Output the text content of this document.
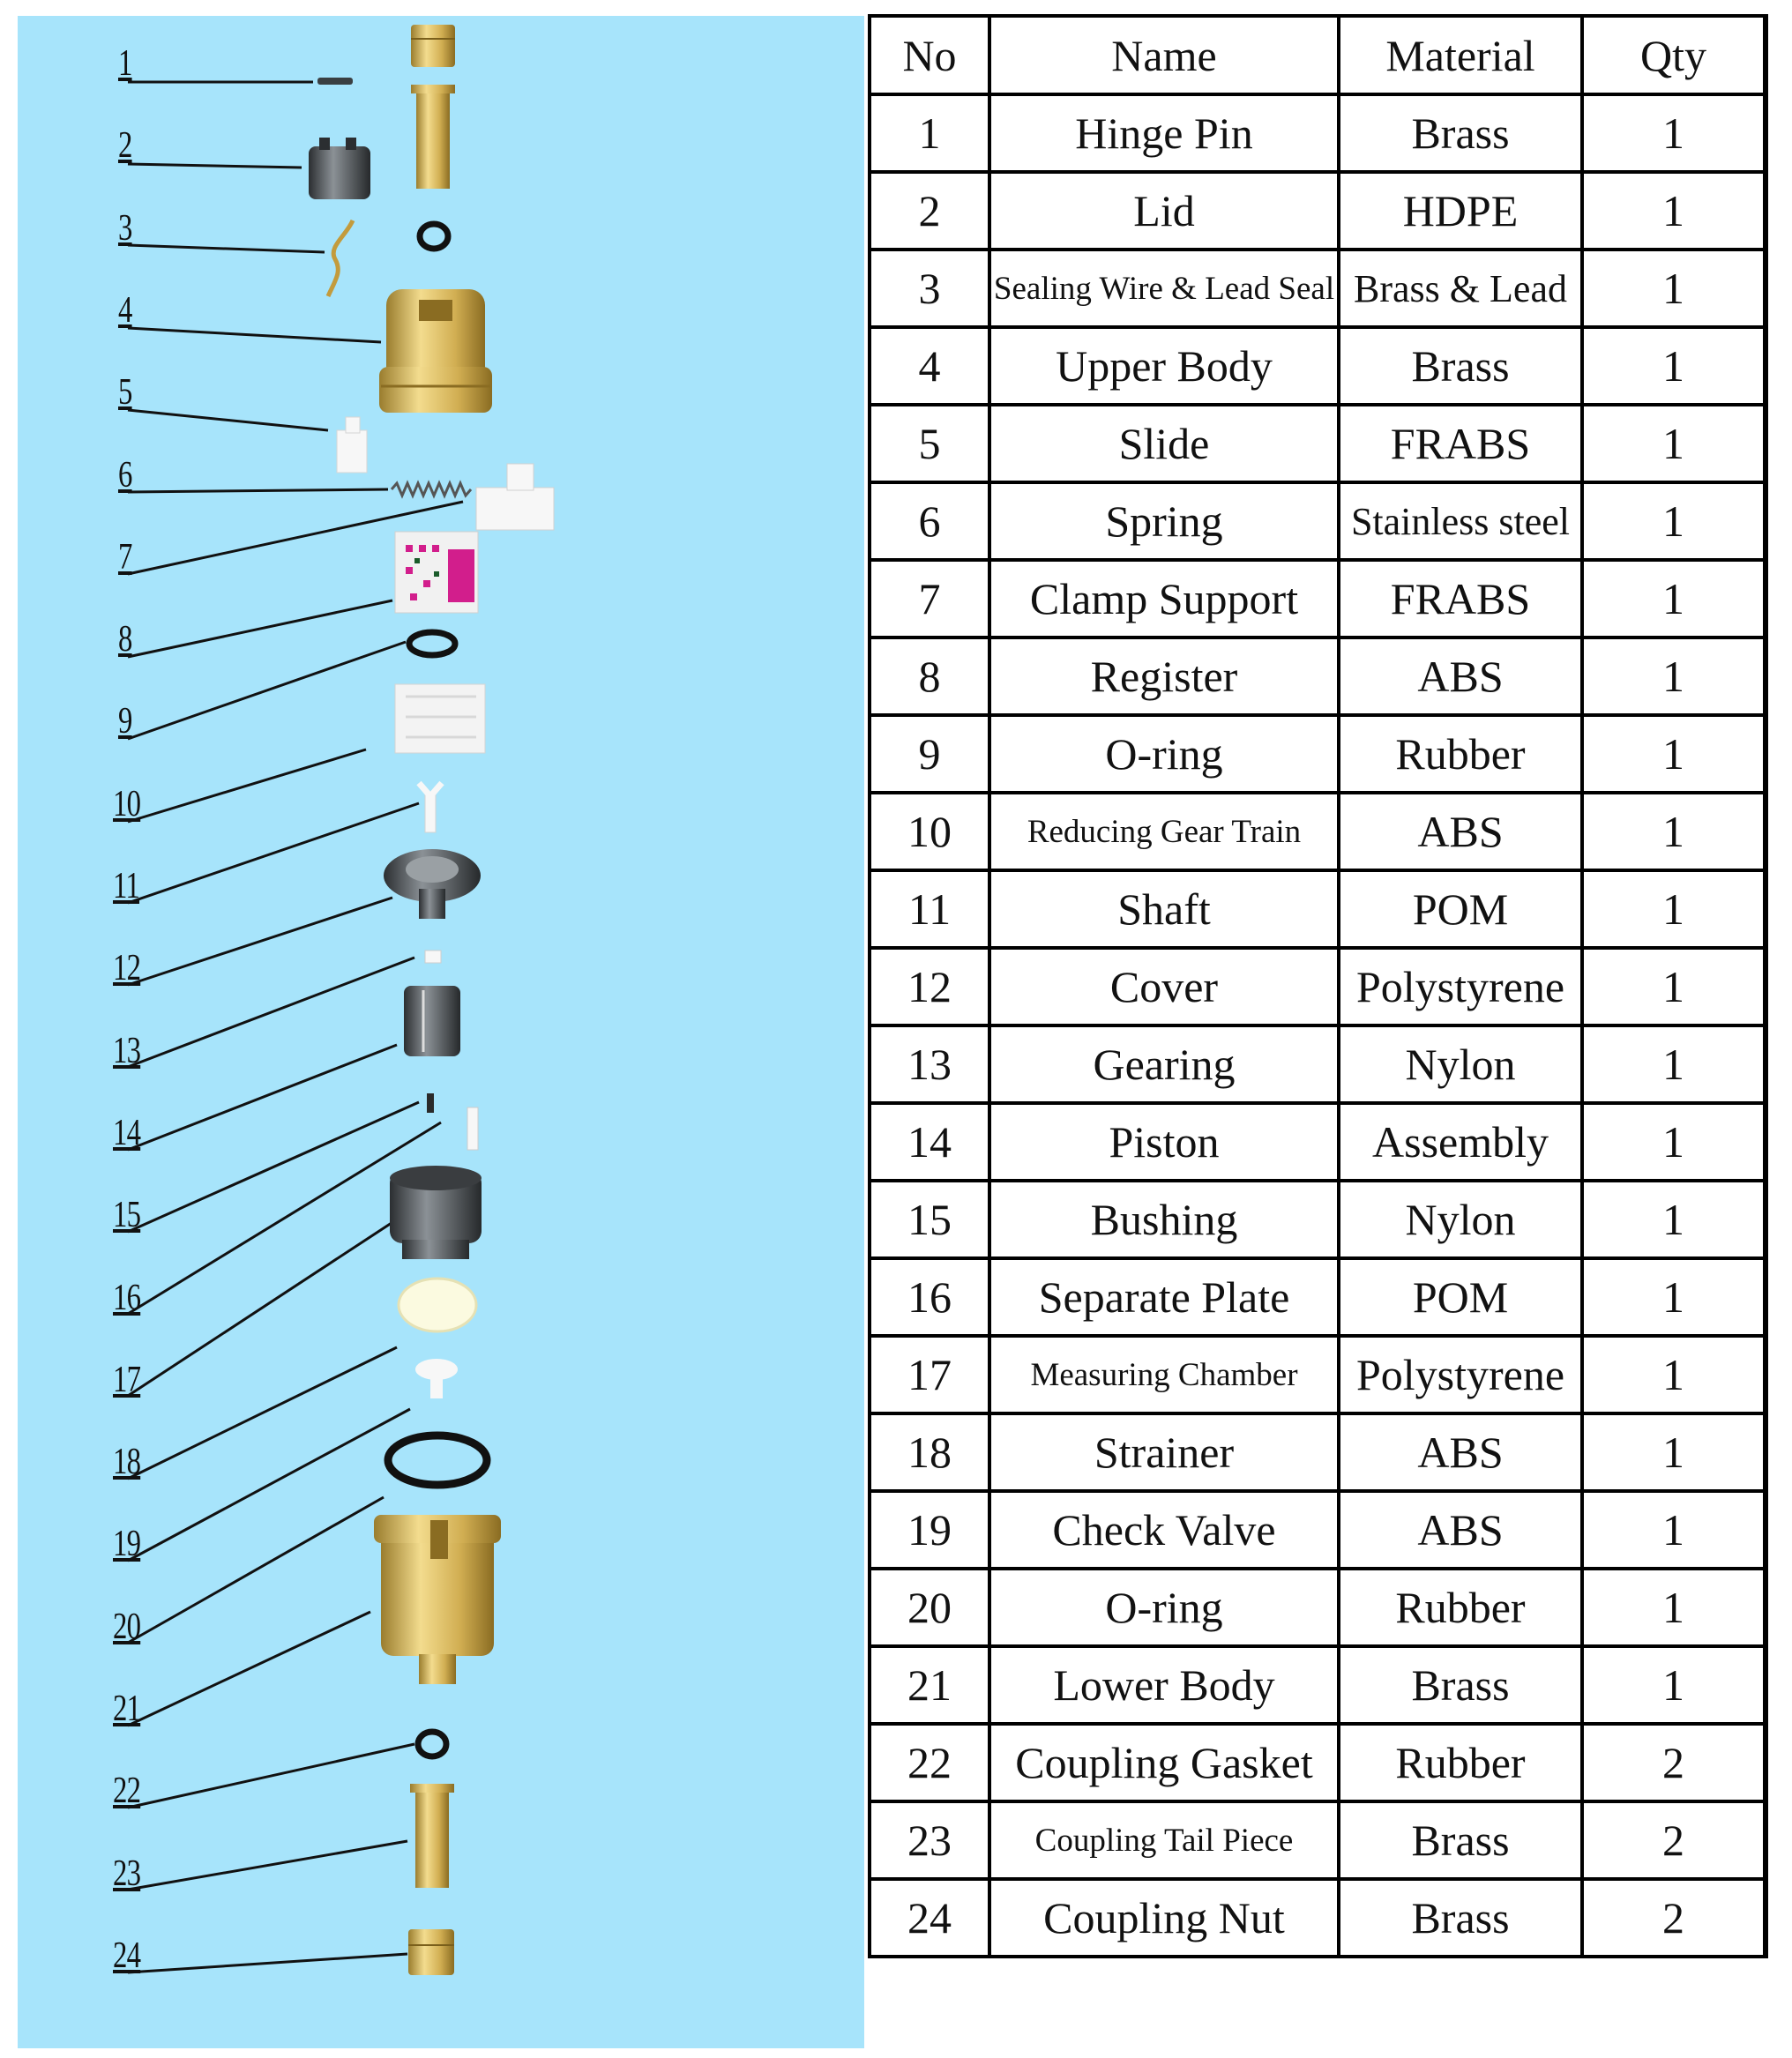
1
2
3
4
5
6
7
8
9
10
11
12
13
14
15
16
17
18
19
20
21
22
23
24
No	Name	Material	Qty
1	Hinge Pin	Brass	1
2	Lid	HDPE	1
3	Sealing Wire & Lead Seal	Brass & Lead	1
4	Upper Body	Brass	1
5	Slide	FRABS	1
6	Spring	Stainless steel	1
7	Clamp Support	FRABS	1
8	Register	ABS	1
9	O-ring	Rubber	1
10	Reducing Gear Train	ABS	1
11	Shaft	POM	1
12	Cover	Polystyrene	1
13	Gearing	Nylon	1
14	Piston	Assembly	1
15	Bushing	Nylon	1
16	Separate Plate	POM	1
17	Measuring Chamber	Polystyrene	1
18	Strainer	ABS	1
19	Check Valve	ABS	1
20	O-ring	Rubber	1
21	Lower Body	Brass	1
22	Coupling Gasket	Rubber	2
23	Coupling Tail Piece	Brass	2
24	Coupling Nut	Brass	2
